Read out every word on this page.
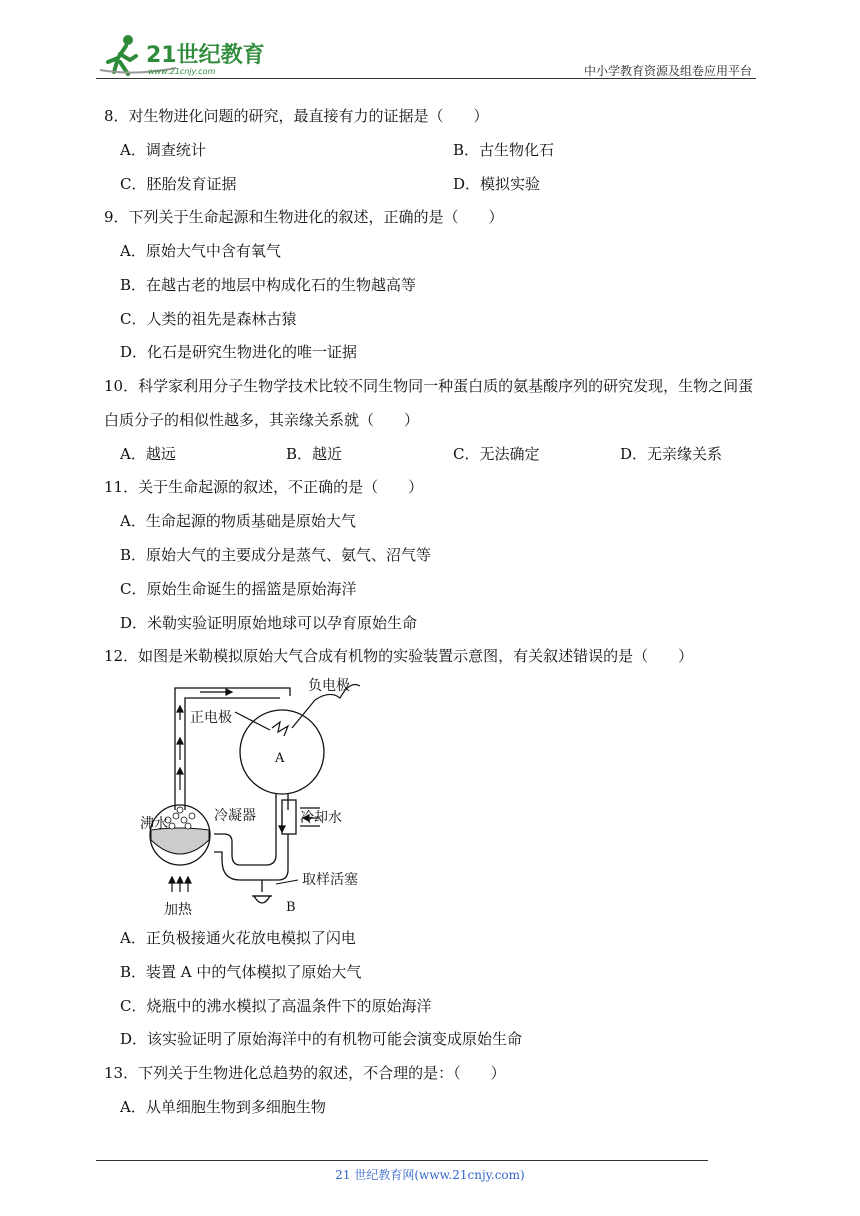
21世纪教育
www.21cnjy.com	中小学教育资源及组卷应用平台
8．对生物进化问题的研究，最直接有力的证据是（　　）
A．调查统计	B．古生物化石
C．胚胎发育证据	D．模拟实验
9．下列关于生命起源和生物进化的叙述，正确的是（　　）
A．原始大气中含有氧气
B．在越古老的地层中构成化石的生物越高等
C．人类的祖先是森林古猿
D．化石是研究生物进化的唯一证据
10．科学家利用分子生物学技术比较不同生物同一种蛋白质的氨基酸序列的研究发现，生物之间蛋白质分子的相似性越多，其亲缘关系就（　　）
A．越远	B．越近	C．无法确定	D．无亲缘关系
11．关于生命起源的叙述，不正确的是（　　）
A．生命起源的物质基础是原始大气
B．原始大气的主要成分是蒸气、氨气、沼气等
C．原始生命诞生的摇篮是原始海洋
D．米勒实验证明原始地球可以孕育原始生命
12．如图是米勒模拟原始大气合成有机物的实验装置示意图，有关叙述错误的是（　　）
负电极
正电极
A
冷凝器	冷却水
沸水
取样活塞
加热	B
A．正负极接通火花放电模拟了闪电
B．装置 A 中的气体模拟了原始大气
C．烧瓶中的沸水模拟了高温条件下的原始海洋
D．该实验证明了原始海洋中的有机物可能会演变成原始生命
13．下列关于生物进化总趋势的叙述，不合理的是：（　　）
A．从单细胞生物到多细胞生物
21 世纪教育网(www.21cnjy.com)
